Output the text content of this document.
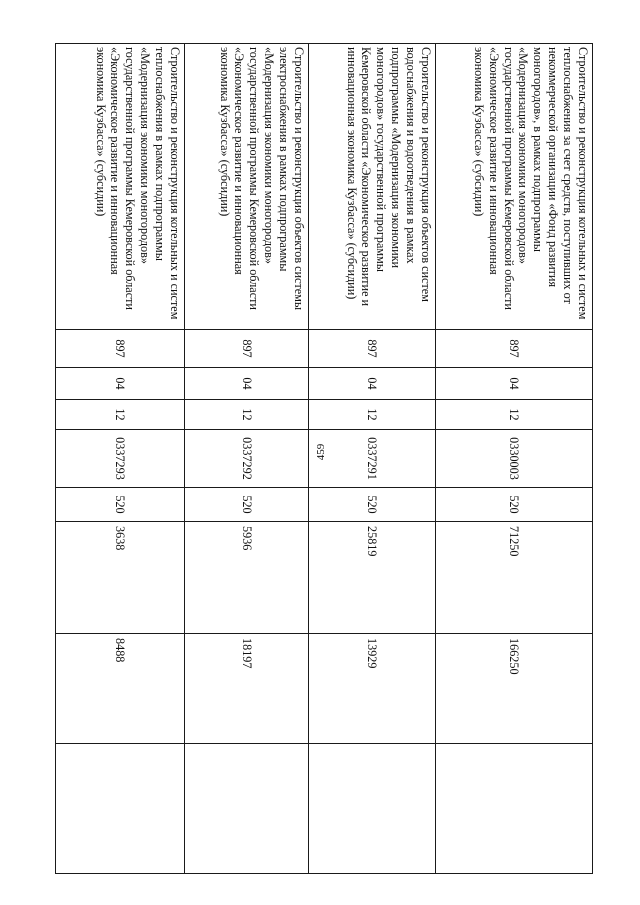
459
Строительство и реконструкция котельных и систем теплоснабжения за счет средств, поступивших от некоммерческой организации «Фонд развития моногородов», в рамках подпрограммы «Модернизация экономики моногородов» государственной программы Кемеровской области «Экономическое развитие и инновационная экономика Кузбасса» (субсидии)	897	04	12	0330003	520	71250	166250	
Строительство и реконструкция объектов систем водоснабжения и водоотведения в рамках подпрограммы «Модернизация экономики моногородов» государственной программы Кемеровской области «Экономическое развитие и инновационная экономика Кузбасса» (субсидии)	897	04	12	0337291	520	25819	13929	
Строительство и реконструкция объектов системы электроснабжения в рамках подпрограммы «Модернизация экономики моногородов» государственной программы Кемеровской области «Экономическое развитие и инновационная экономика Кузбасса» (субсидии)	897	04	12	0337292	520	5936	18197	
Строительство и реконструкция котельных и систем теплоснабжения в рамках подпрограммы «Модернизация экономики моногородов» государственной программы Кемеровской области «Экономическое развитие и инновационная экономика Кузбасса» (субсидии)	897	04	12	0337293	520	3638	8488	
